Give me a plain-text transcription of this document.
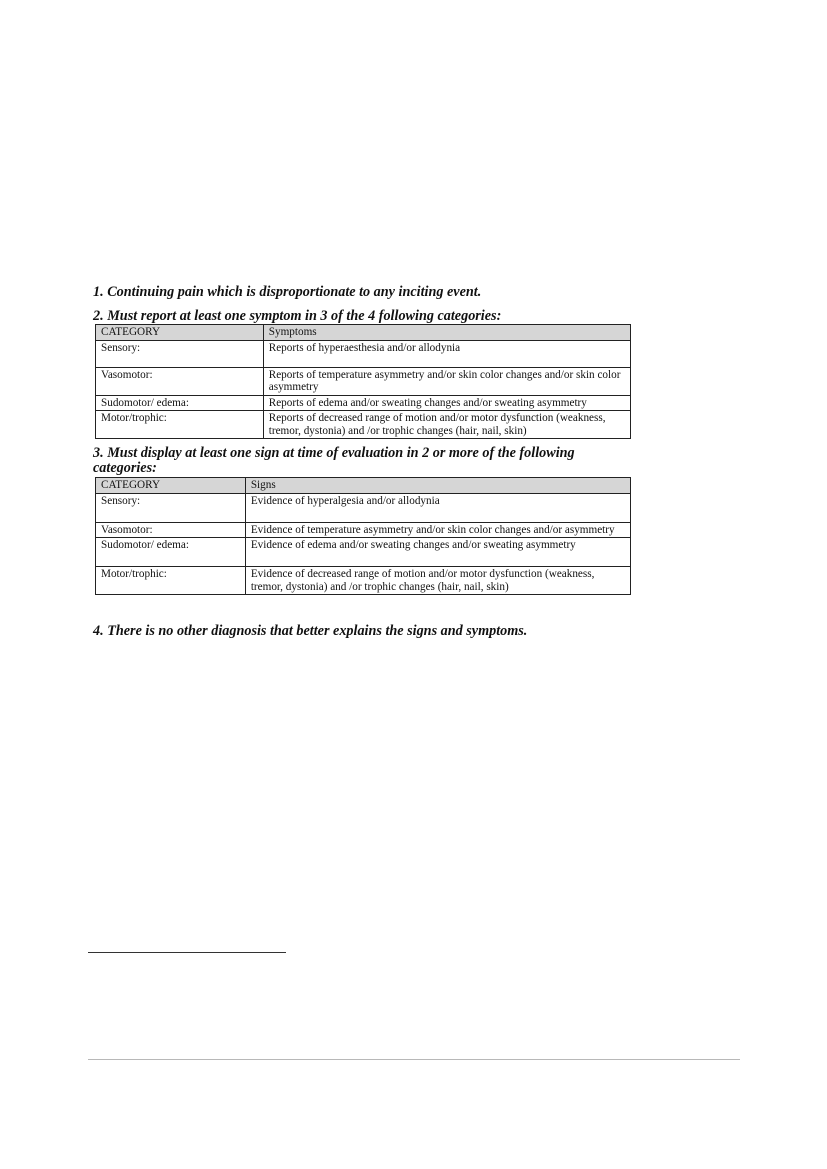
1. Continuing pain which is disproportionate to any inciting event.

2. Must report at least one symptom in 3 of the 4 following categories:

CATEGORY	Symptoms
Sensory:	Reports of hyperaesthesia and/or allodynia
Vasomotor:	Reports of temperature asymmetry and/or skin color changes and/or skin color asymmetry
Sudomotor/ edema:	Reports of edema and/or sweating changes and/or sweating asymmetry
Motor/trophic:	Reports of decreased range of motion and/or motor dysfunction (weakness, tremor, dystonia) and /or trophic changes (hair, nail, skin)

3. Must display at least one sign at time of evaluation in 2 or more of the following categories:

CATEGORY	Signs
Sensory:	Evidence of hyperalgesia and/or allodynia
Vasomotor:	Evidence of temperature asymmetry and/or skin color changes and/or asymmetry
Sudomotor/ edema:	Evidence of edema and/or sweating changes and/or sweating asymmetry
Motor/trophic:	Evidence of decreased range of motion and/or motor dysfunction (weakness, tremor, dystonia) and /or trophic changes (hair, nail, skin)

4. There is no other diagnosis that better explains the signs and symptoms.
